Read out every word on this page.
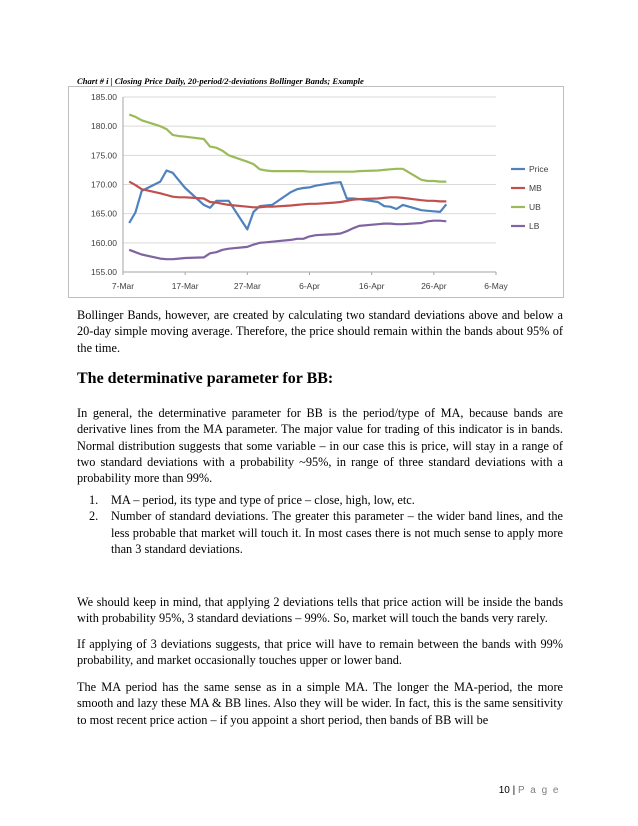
Chart # i | Closing Price Daily, 20-period/2-deviations Bollinger Bands; Example
155.00
160.00
165.00
170.00
175.00
180.00
185.00
7-Mar	17-Mar	27-Mar	6-Apr	16-Apr	26-Apr	6-May
Price
MB
UB
LB
Bollinger Bands, however, are created by calculating two standard deviations above and below a 20-day simple moving average. Therefore, the price should remain within the bands about 95% of the time.
The determinative parameter for BB:
In general, the determinative parameter for BB is the period/type of MA, because bands are derivative lines from the MA parameter. The major value for trading of this indicator is in bands. Normal distribution suggests that some variable – in our case this is price, will stay in a range of two standard deviations with a probability ~95%, in range of three standard deviations with a probability more than 99%.
1. MA – period, its type and type of price – close, high, low, etc.
2. Number of standard deviations. The greater this parameter – the wider band lines, and the less probable that market will touch it. In most cases there is not much sense to apply more than 3 standard deviations.
We should keep in mind, that applying 2 deviations tells that price action will be inside the bands with probability 95%, 3 standard deviations – 99%. So, market will touch the bands very rarely.
If applying of 3 deviations suggests, that price will have to remain between the bands with 99% probability, and market occasionally touches upper or lower band.
The MA period has the same sense as in a simple MA. The longer the MA-period, the more smooth and lazy these MA & BB lines. Also they will be wider. In fact, this is the same sensitivity to most recent price action – if you appoint a short period, then bands of BB will be
10 | P a g e
